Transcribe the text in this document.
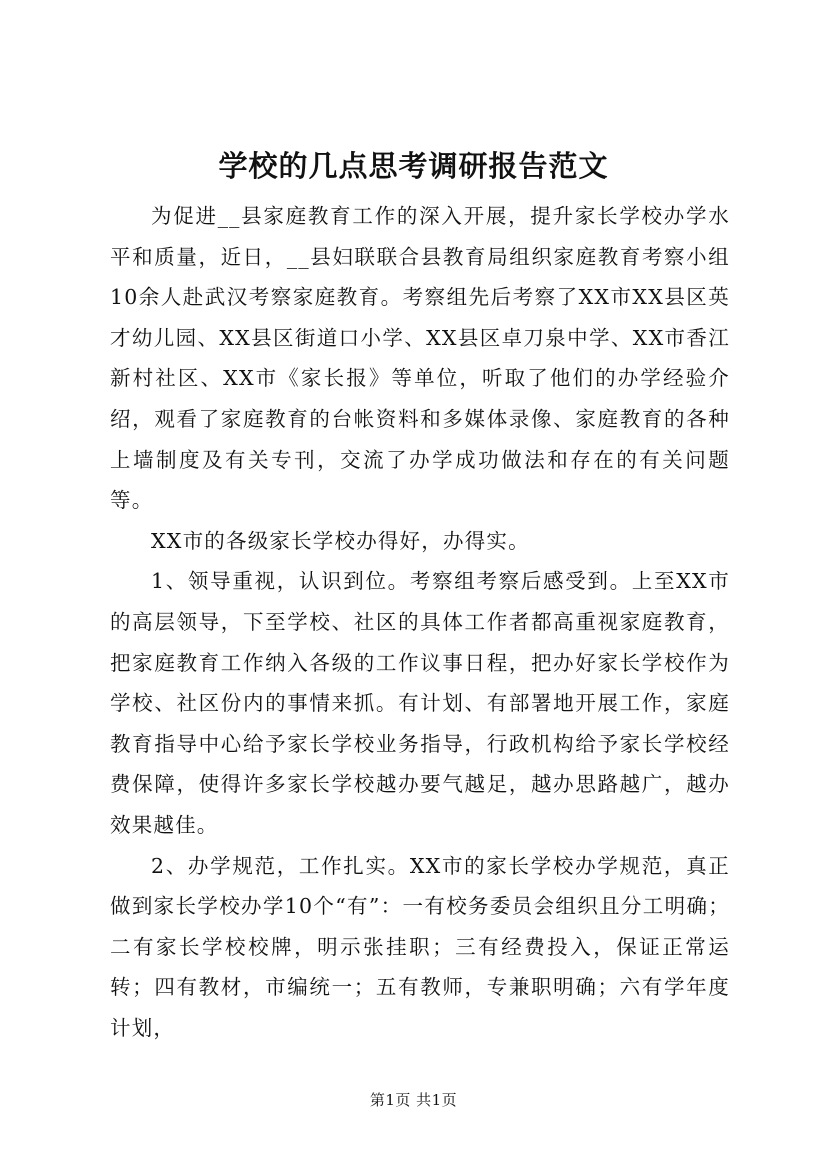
学校的几点思考调研报告范文

为促进__县家庭教育工作的深入开展，提升家长学校办学水平和质量，近日，__县妇联联合县教育局组织家庭教育考察小组10余人赴武汉考察家庭教育。考察组先后考察了XX市XX县区英才幼儿园、XX县区街道口小学、XX县区卓刀泉中学、XX市香江新村社区、XX市《家长报》等单位，听取了他们的办学经验介绍，观看了家庭教育的台帐资料和多媒体录像、家庭教育的各种上墙制度及有关专刊，交流了办学成功做法和存在的有关问题等。

XX市的各级家长学校办得好，办得实。

1、领导重视，认识到位。考察组考察后感受到。上至XX市的高层领导，下至学校、社区的具体工作者都高重视家庭教育，把家庭教育工作纳入各级的工作议事日程，把办好家长学校作为学校、社区份内的事情来抓。有计划、有部署地开展工作，家庭教育指导中心给予家长学校业务指导，行政机构给予家长学校经费保障，使得许多家长学校越办要气越足，越办思路越广，越办效果越佳。

2、办学规范，工作扎实。XX市的家长学校办学规范，真正做到家长学校办学10个“有”：一有校务委员会组织且分工明确；二有家长学校校牌，明示张挂职；三有经费投入，保证正常运转；四有教材，市编统一；五有教师，专兼职明确；六有学年度计划，

第1页 共1页
